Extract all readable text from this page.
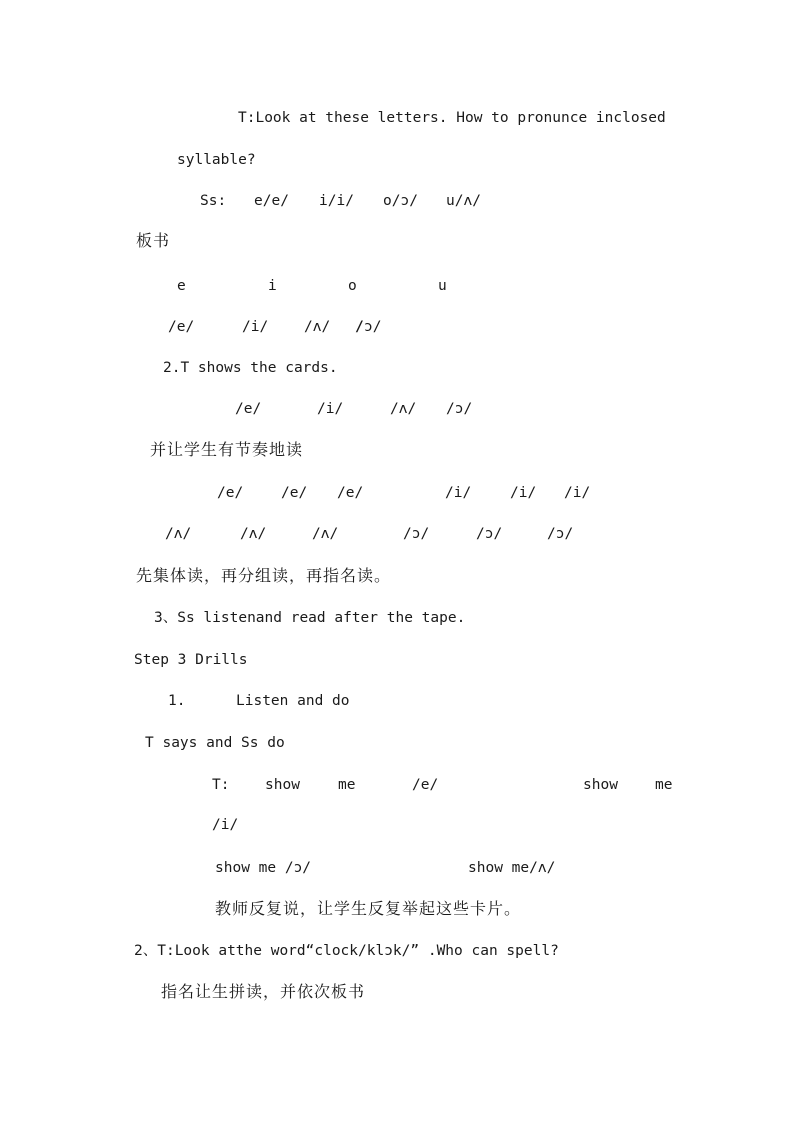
T:Look at these letters. How to pronunce inclosed
syllable?
Ss: e/e/ i/i/ o/ɔ/ u/ʌ/
板书
e	i	o	u
/e/	/i/ /ʌ/ / ɔ/
2.T shows the cards.
/e/	/i/	/ʌ/ /ɔ/
并让学生有节奏地读
/e/	/e/ /e/	/i/	/i/ /i/
/ʌ/	/ʌ/	/ʌ/	/ɔ/	/ɔ/	/ɔ/
先集体读，再分组读，再指名读。
3、Ss listenand read after the tape.
Step 3 Drills
1.	Listen and do
T says and Ss do
T: show	me	/e/	show	me
/i/
show me /ɔ/	show me/ʌ/
教师反复说，让学生反复举起这些卡片。
2、T:Look atthe word“clock/klɔk/” .Who can spell?
指名让生拼读，并依次板书
